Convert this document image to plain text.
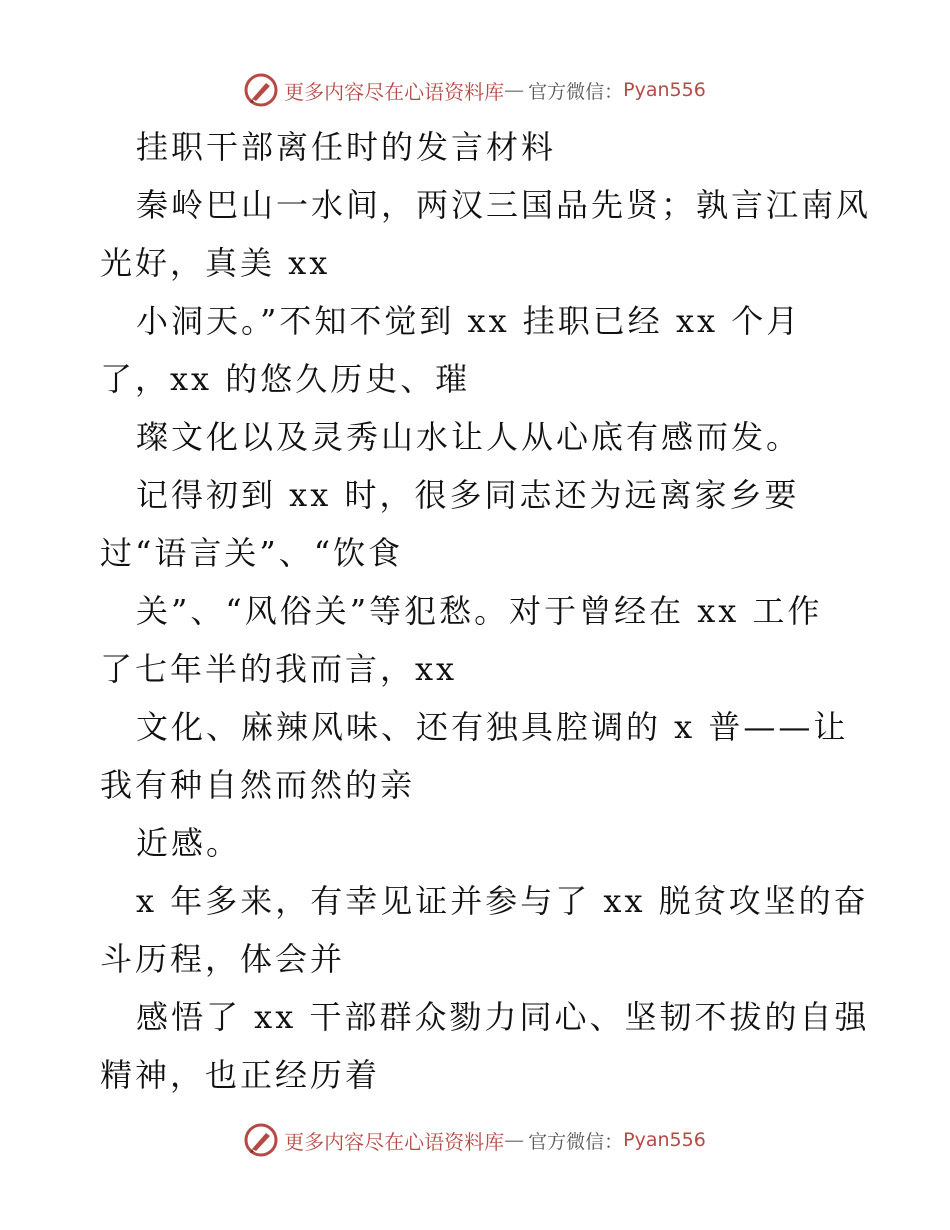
更多内容尽在心语资料库 — 官方微信： Pyan556
挂职干部离任时的发言材料
秦岭巴山一水间，两汉三国品先贤；孰言江南风
光好，真美 xx
小洞天。”不知不觉到 xx 挂职已经 xx 个月
了，xx 的悠久历史、璀
璨文化以及灵秀山水让人从心底有感而发。
记得初到 xx 时，很多同志还为远离家乡要
过“语言关”、“饮食
关”、“风俗关”等犯愁。对于曾经在 xx 工作
了七年半的我而言，xx
文化、麻辣风味、还有独具腔调的 x 普——让
我有种自然而然的亲
近感。
x 年多来，有幸见证并参与了 xx 脱贫攻坚的奋
斗历程，体会并
感悟了 xx 干部群众勠力同心、坚韧不拔的自强
精神，也正经历着
更多内容尽在心语资料库 — 官方微信： Pyan556
